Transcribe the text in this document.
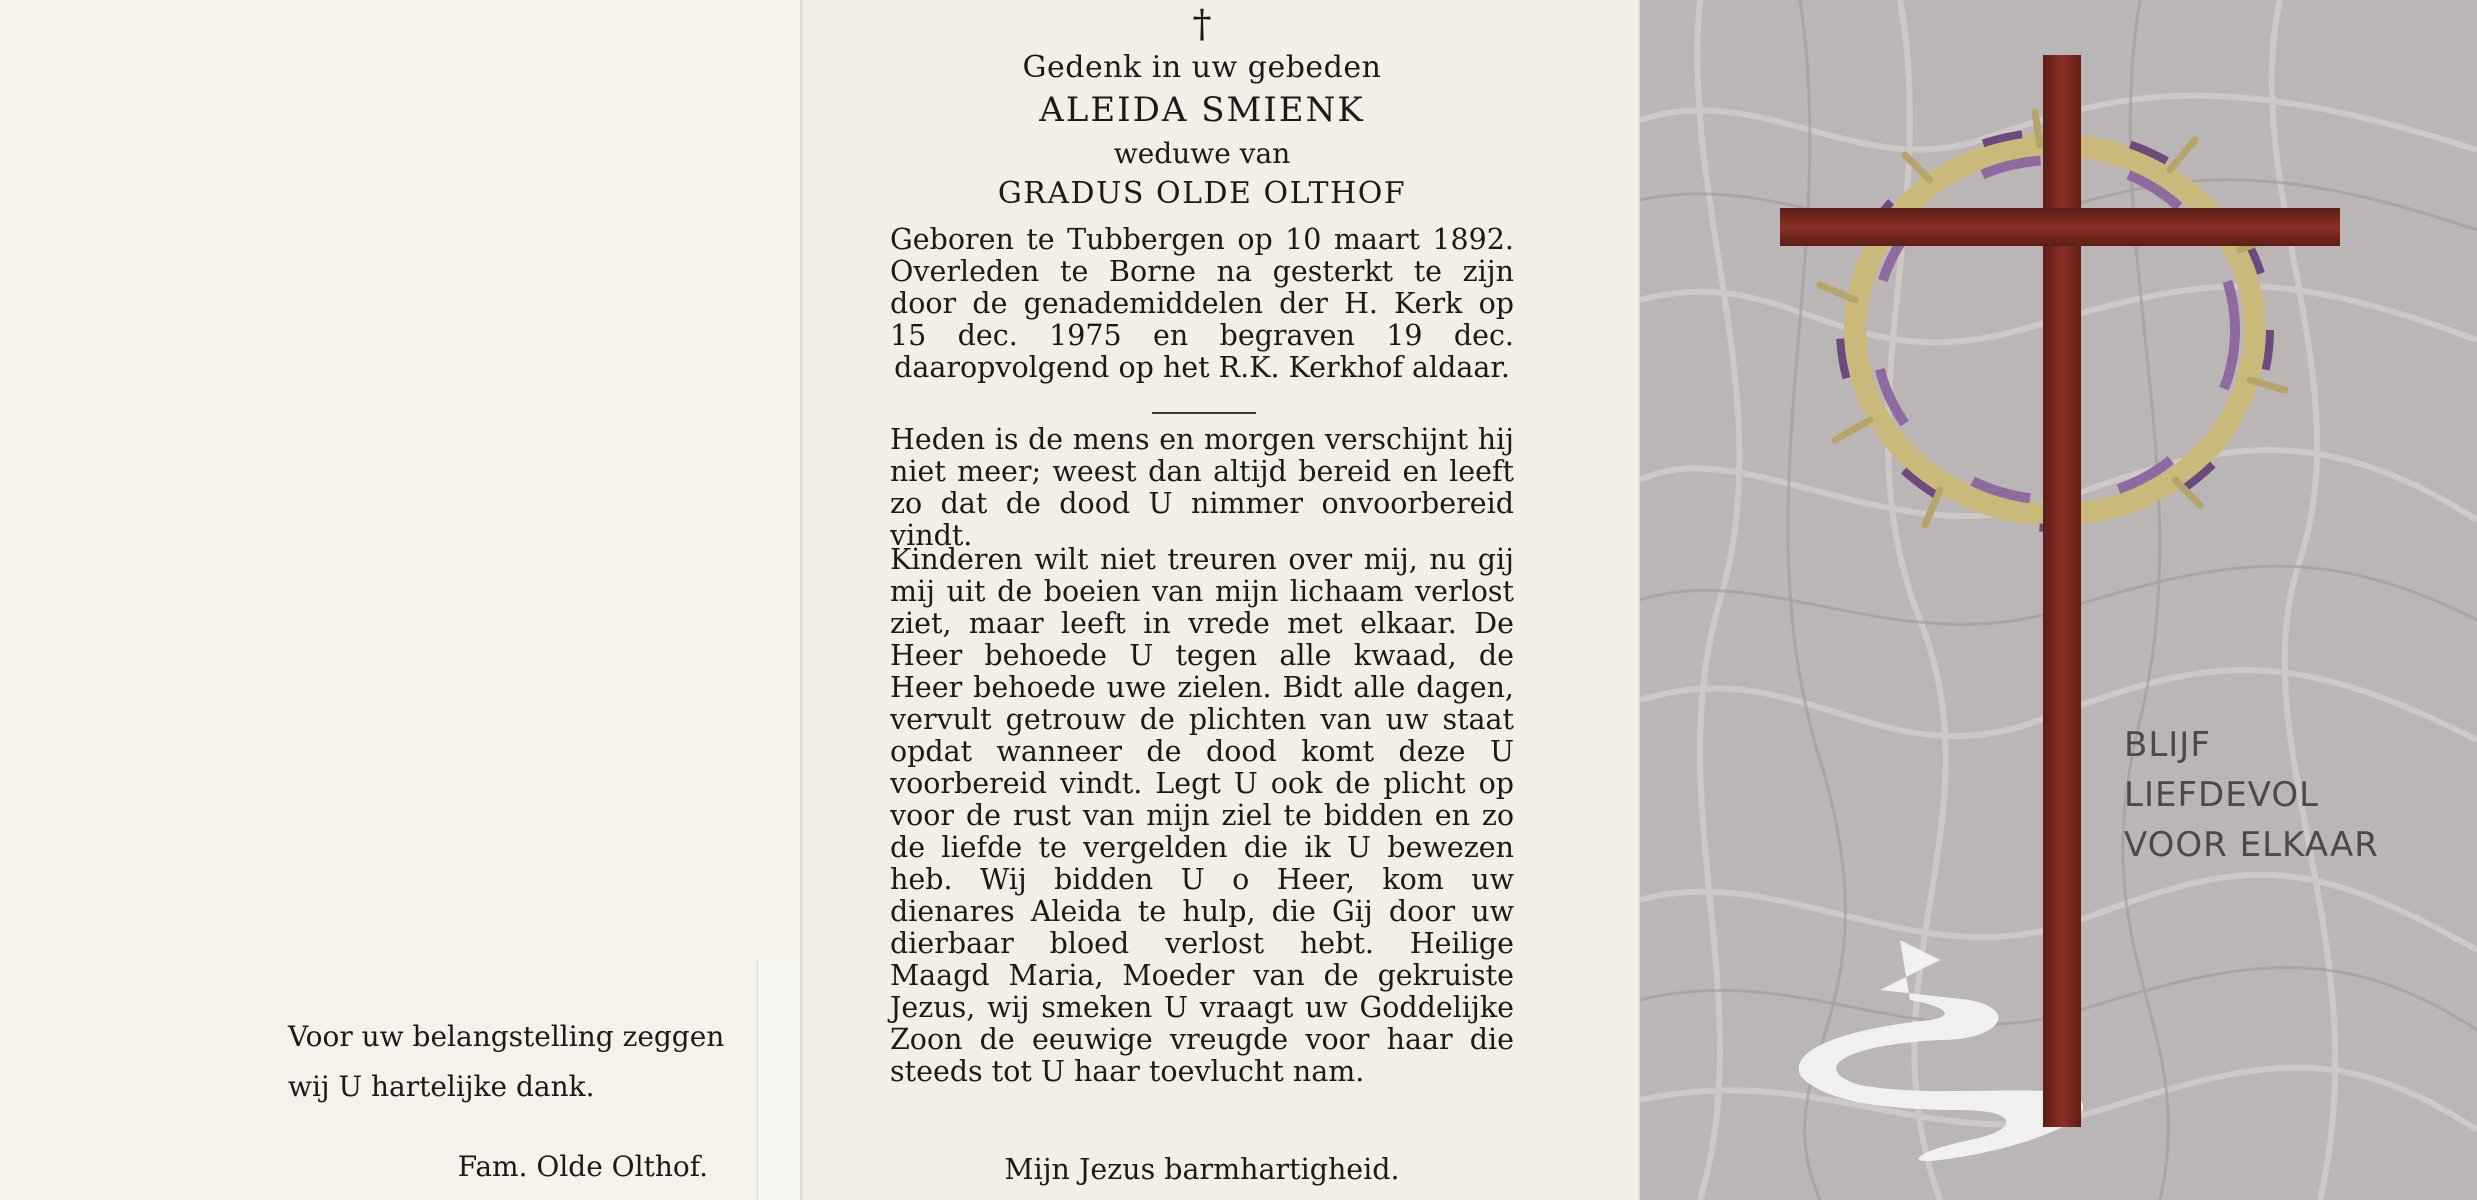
Voor uw belangstelling zeggen
wij U hartelijke dank.
Fam. Olde Olthof.
†
Gedenk in uw gebeden
ALEIDA SMIENK
weduwe van
GRADUS OLDE OLTHOF
Geboren te Tubbergen op 10 maart 1892. Overleden te Borne na gesterkt te zijn door de genademiddelen der H. Kerk op 15 dec. 1975 en begraven 19 dec. daaropvolgend op het R.K. Kerkhof aldaar.
Heden is de mens en morgen verschijnt hij niet meer; weest dan altijd bereid en leeft zo dat de dood U nimmer onvoorbereid vindt.
Kinderen wilt niet treuren over mij, nu gij mij uit de boeien van mijn lichaam verlost ziet, maar leeft in vrede met elkaar. De Heer behoede U tegen alle kwaad, de Heer behoede uwe zielen. Bidt alle dagen, vervult getrouw de plichten van uw staat opdat wanneer de dood komt deze U voorbereid vindt. Legt U ook de plicht op voor de rust van mijn ziel te bidden en zo de liefde te vergelden die ik U bewezen heb. Wij bidden U o Heer, kom uw dienares Aleida te hulp, die Gij door uw dierbaar bloed verlost hebt. Heilige Maagd Maria, Moeder van de gekruiste Jezus, wij smeken U vraagt uw Goddelijke Zoon de eeuwige vreugde voor haar die steeds tot U haar toevlucht nam.
Mijn Jezus barmhartigheid.
BLIJF
LIEFDEVOL
VOOR ELKAAR
